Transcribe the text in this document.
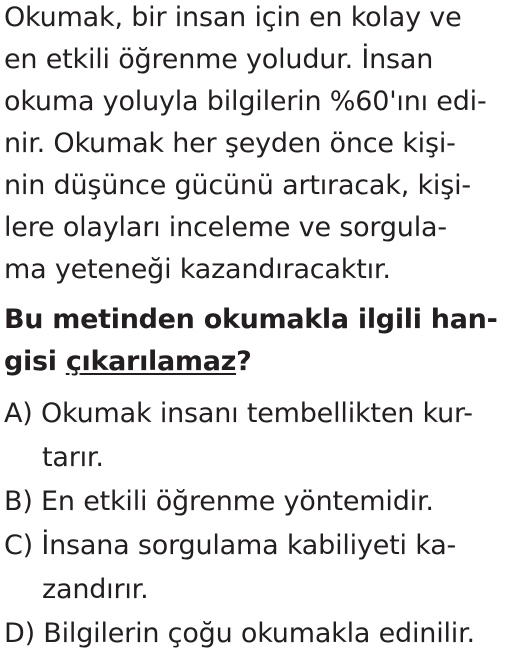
Okumak, bir insan için en kolay ve

en etkili öğrenme yoludur. İnsan

okuma yoluyla bilgilerin %60'ını edi-

nir. Okumak her şeyden önce kişi-

nin düşünce gücünü artıracak, kişi-

lere olayları inceleme ve sorgula-

ma yeteneği kazandıracaktır.

Bu metinden okumakla ilgili han-

gisi çıkarılamaz?

A) Okumak insanı tembellikten kur-

tarır.

B) En etkili öğrenme yöntemidir.

C) İnsana sorgulama kabiliyeti ka-

zandırır.

D) Bilgilerin çoğu okumakla edinilir.
